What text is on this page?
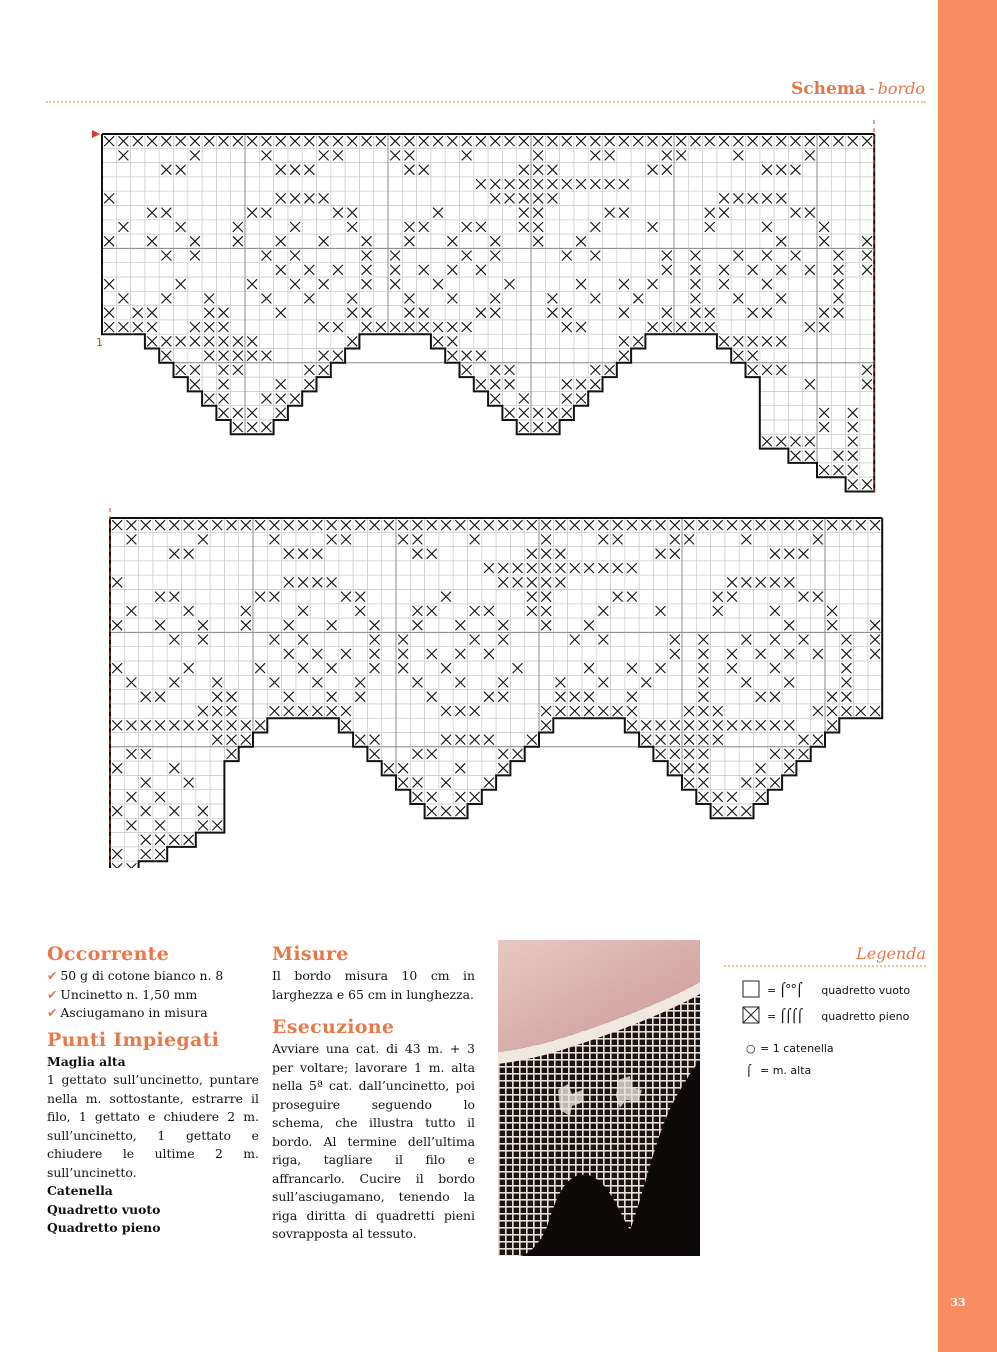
33
Schema - bordo
1
Occorrente
✔ 50 g di cotone bianco n. 8
✔ Uncinetto n. 1,50 mm
✔ Asciugamano in misura
Punti Impiegati

Maglia alta

1 gettato sull’uncinetto, puntare nella m. sottostante, estrarre il filo, 1 gettato e chiudere 2 m. sull’uncinetto, 1 gettato e chiudere le ultime 2 m. sull’uncinetto.

Catenella

Quadretto vuoto

Quadretto pieno

Misure

Il bordo misura 10 cm in larghezza e 65 cm in lunghezza.

Esecuzione

Avviare una cat. di 43 m. + 3 per voltare; lavorare 1 m. alta nella 5ª cat. dall’uncinetto, poi proseguire seguendo lo schema, che illustra tutto il bordo. Al termine dell’ultima riga, tagliare il filo e affrancarlo. Cucire il bordo sull’asciugamano, tenendo la riga diritta di quadretti pieni sovrapposta al tessuto.

Legenda
= ⌠°°⌠	quadretto vuoto
= ⌠⌠⌠⌠	quadretto pieno
○ = 1 catenella
⌠ = m. alta
